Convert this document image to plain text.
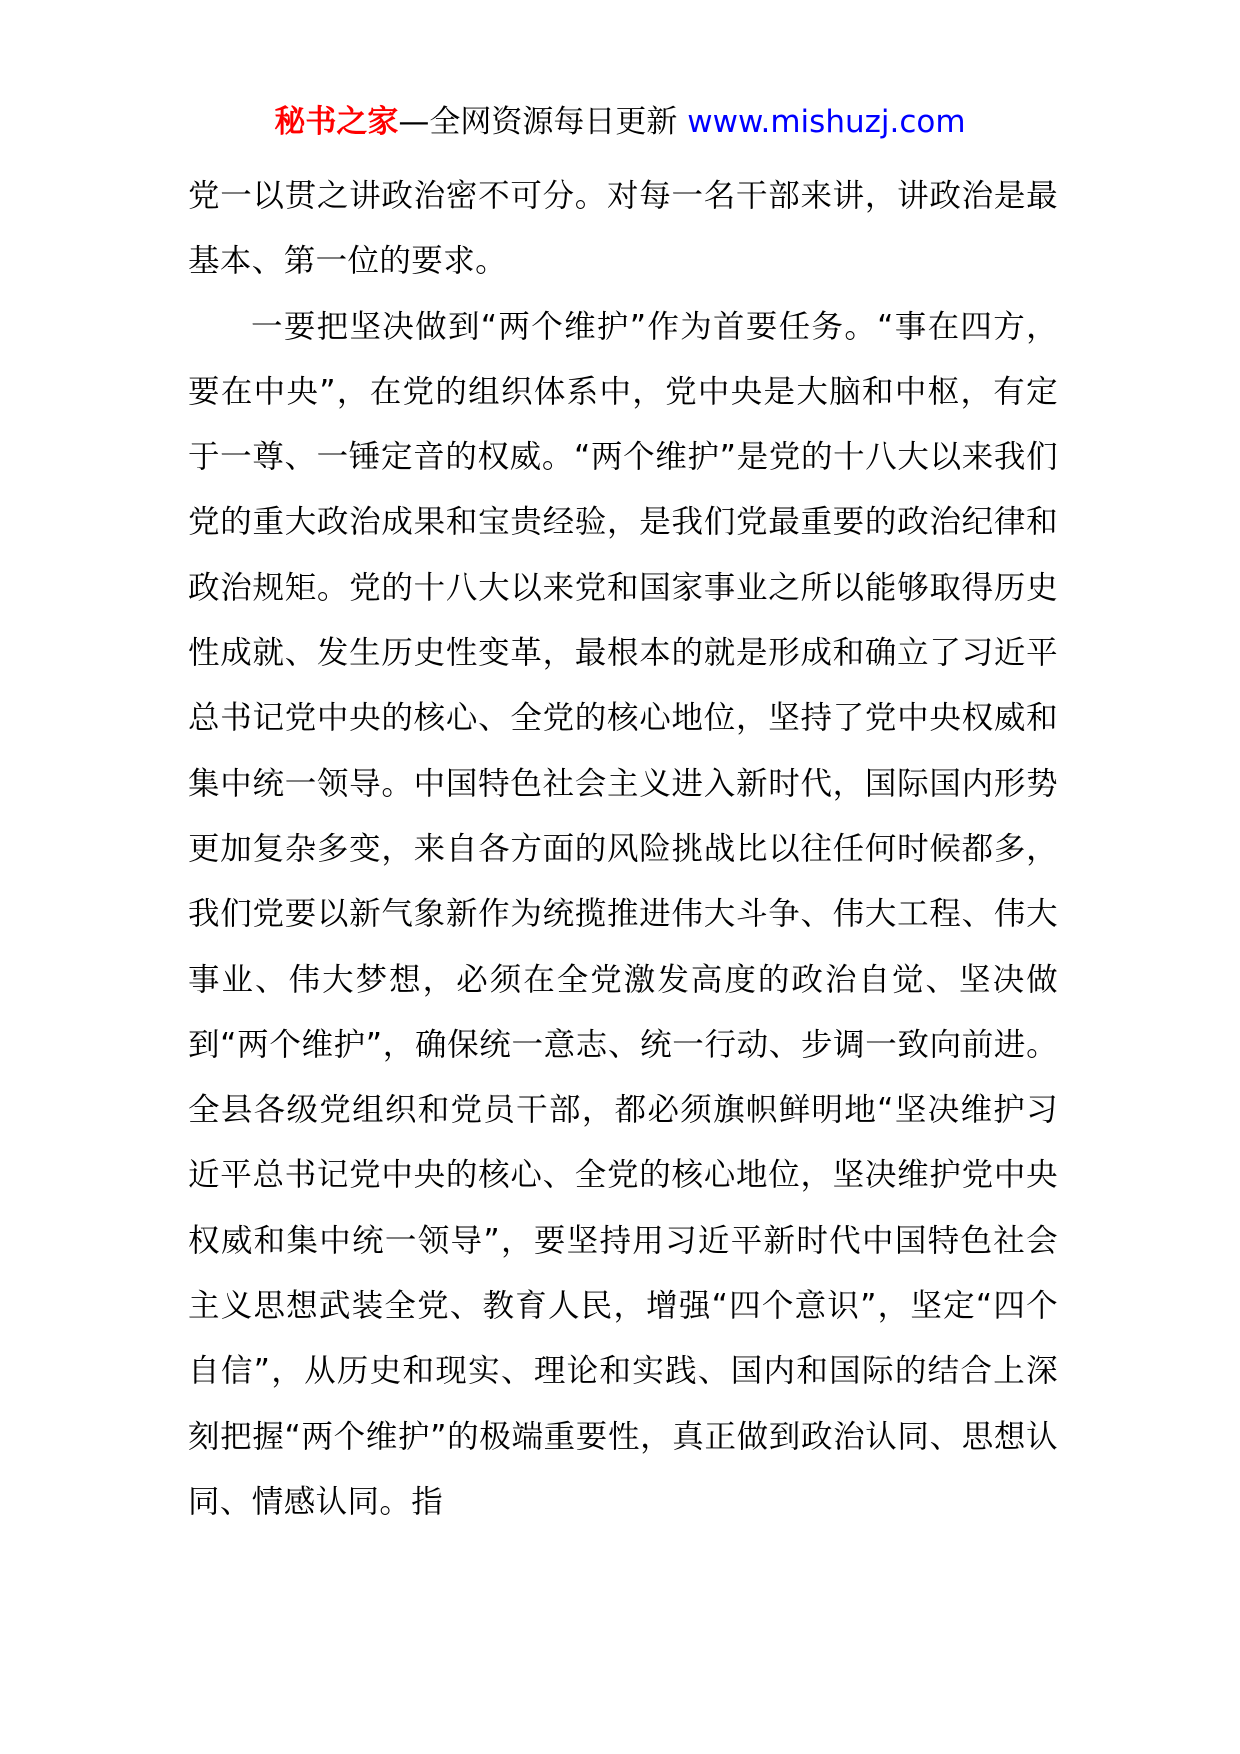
秘书之家—全网资源每日更新 www.mishuzj.com

党一以贯之讲政治密不可分。对每一名干部来讲，讲政治是最基本、第一位的要求。

一要把坚决做到“两个维护”作为首要任务。“事在四方，要在中央”，在党的组织体系中，党中央是大脑和中枢，有定于一尊、一锤定音的权威。“两个维护”是党的十八大以来我们党的重大政治成果和宝贵经验，是我们党最重要的政治纪律和政治规矩。党的十八大以来党和国家事业之所以能够取得历史性成就、发生历史性变革，最根本的就是形成和确立了习近平总书记党中央的核心、全党的核心地位，坚持了党中央权威和集中统一领导。中国特色社会主义进入新时代，国际国内形势更加复杂多变，来自各方面的风险挑战比以往任何时候都多，我们党要以新气象新作为统揽推进伟大斗争、伟大工程、伟大事业、伟大梦想，必须在全党激发高度的政治自觉、坚决做到“两个维护”，确保统一意志、统一行动、步调一致向前进。全县各级党组织和党员干部，都必须旗帜鲜明地“坚决维护习近平总书记党中央的核心、全党的核心地位，坚决维护党中央权威和集中统一领导”，要坚持用习近平新时代中国特色社会主义思想武装全党、教育人民，增强“四个意识”，坚定“四个自信”，从历史和现实、理论和实践、国内和国际的结合上深刻把握“两个维护”的极端重要性，真正做到政治认同、思想认同、情感认同。指
